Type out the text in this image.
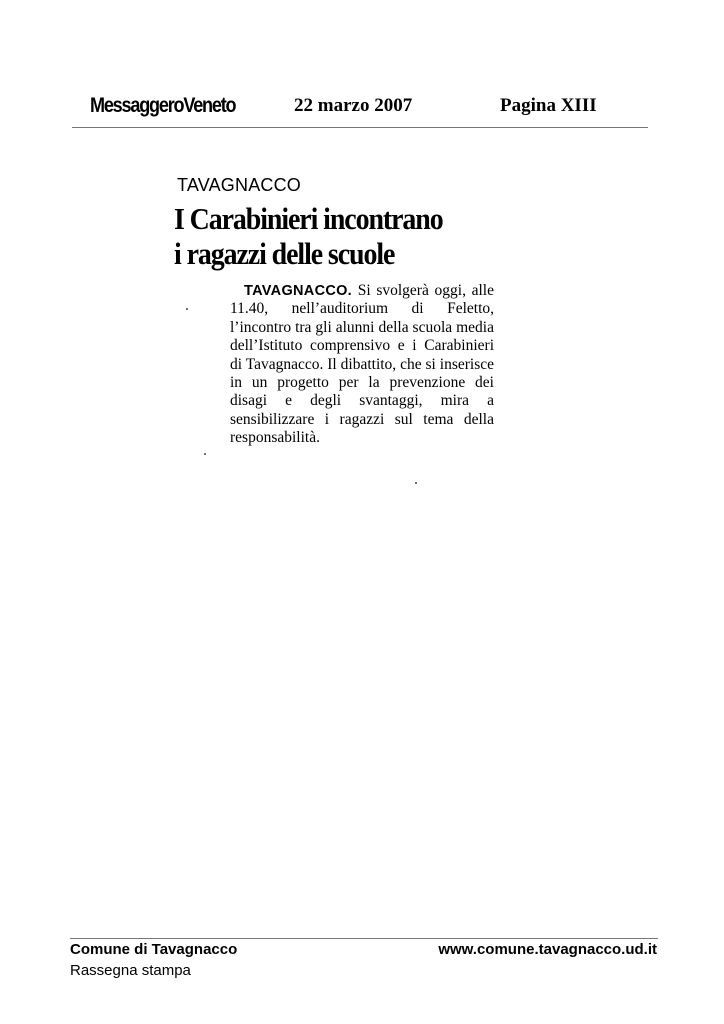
MessaggeroVeneto	22 marzo 2007	Pagina XIII
TAVAGNACCO
I Carabinieri incontrano
i ragazzi delle scuole
TAVAGNACCO. Si svolgerà oggi, alle 11.40, nell’auditorium di Feletto, l’incontro tra gli alunni della scuola media dell’Istituto comprensivo e i Carabinieri di Tavagnacco. Il dibattito, che si inserisce in un progetto per la prevenzione dei disagi e degli svantaggi, mira a sensibilizzare i ragazzi sul tema della responsabilità.
Comune di Tavagnacco	www.comune.tavagnacco.ud.it
Rassegna stampa
